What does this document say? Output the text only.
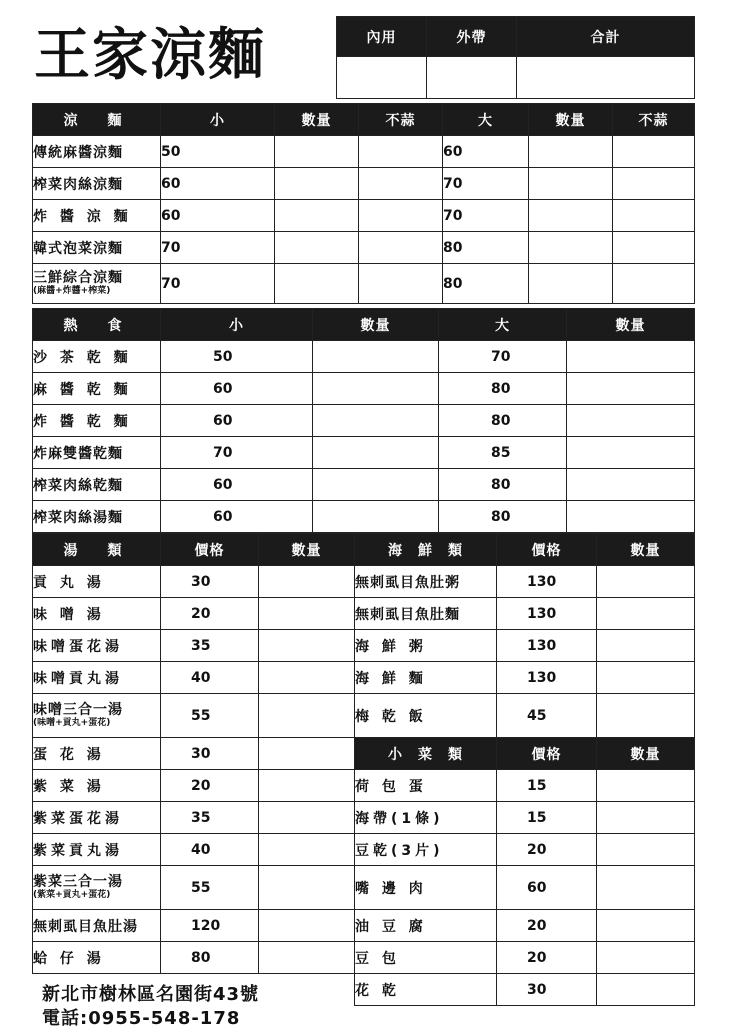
王家涼麵	內用	外帶	合計

涼　麵	小	數量	不蒜	大	數量	不蒜
傳統麻醬涼麵	50			60		
榨菜肉絲涼麵	60			70		
炸 醬 涼 麵	60			70		
韓式泡菜涼麵	70			80		

三鮮綜合涼麵
(麻醬+炸醬+榨菜)	70			80		
熱　食	小	數量	大	數量
沙 茶 乾 麵	50		70	
麻 醬 乾 麵	60		80	
炸 醬 乾 麵	60		80	
炸麻雙醬乾麵	70		85	
榨菜肉絲乾麵	60		80	
榨菜肉絲湯麵	60		80	
湯　類	價格	數量
貢 丸 湯	30	
味 噌 湯	20	
味噌蛋花湯	35	
味噌貢丸湯	40	

味噌三合一湯
(味噌+貢丸+蛋花)	55	
蛋 花 湯	30	
紫 菜 湯	20	
紫菜蛋花湯	35	
紫菜貢丸湯	40	

紫菜三合一湯
(紫菜+貢丸+蛋花)	55	
無刺虱目魚肚湯	120	
蛤 仔 湯	80	
海　鮮　類	價格	數量
無刺虱目魚肚粥	130	
無刺虱目魚肚麵	130	
海 鮮 粥	130	
海 鮮 麵	130	
梅 乾 飯	45	
小　菜　類	價格	數量
荷 包 蛋	15	
海帶(1條)	15	
豆乾(3片)	20	
嘴 邊 肉	60	
油 豆 腐	20	
豆 包	20	
花 乾	30	
新北市樹林區名園街43號
電話:0955-548-178
